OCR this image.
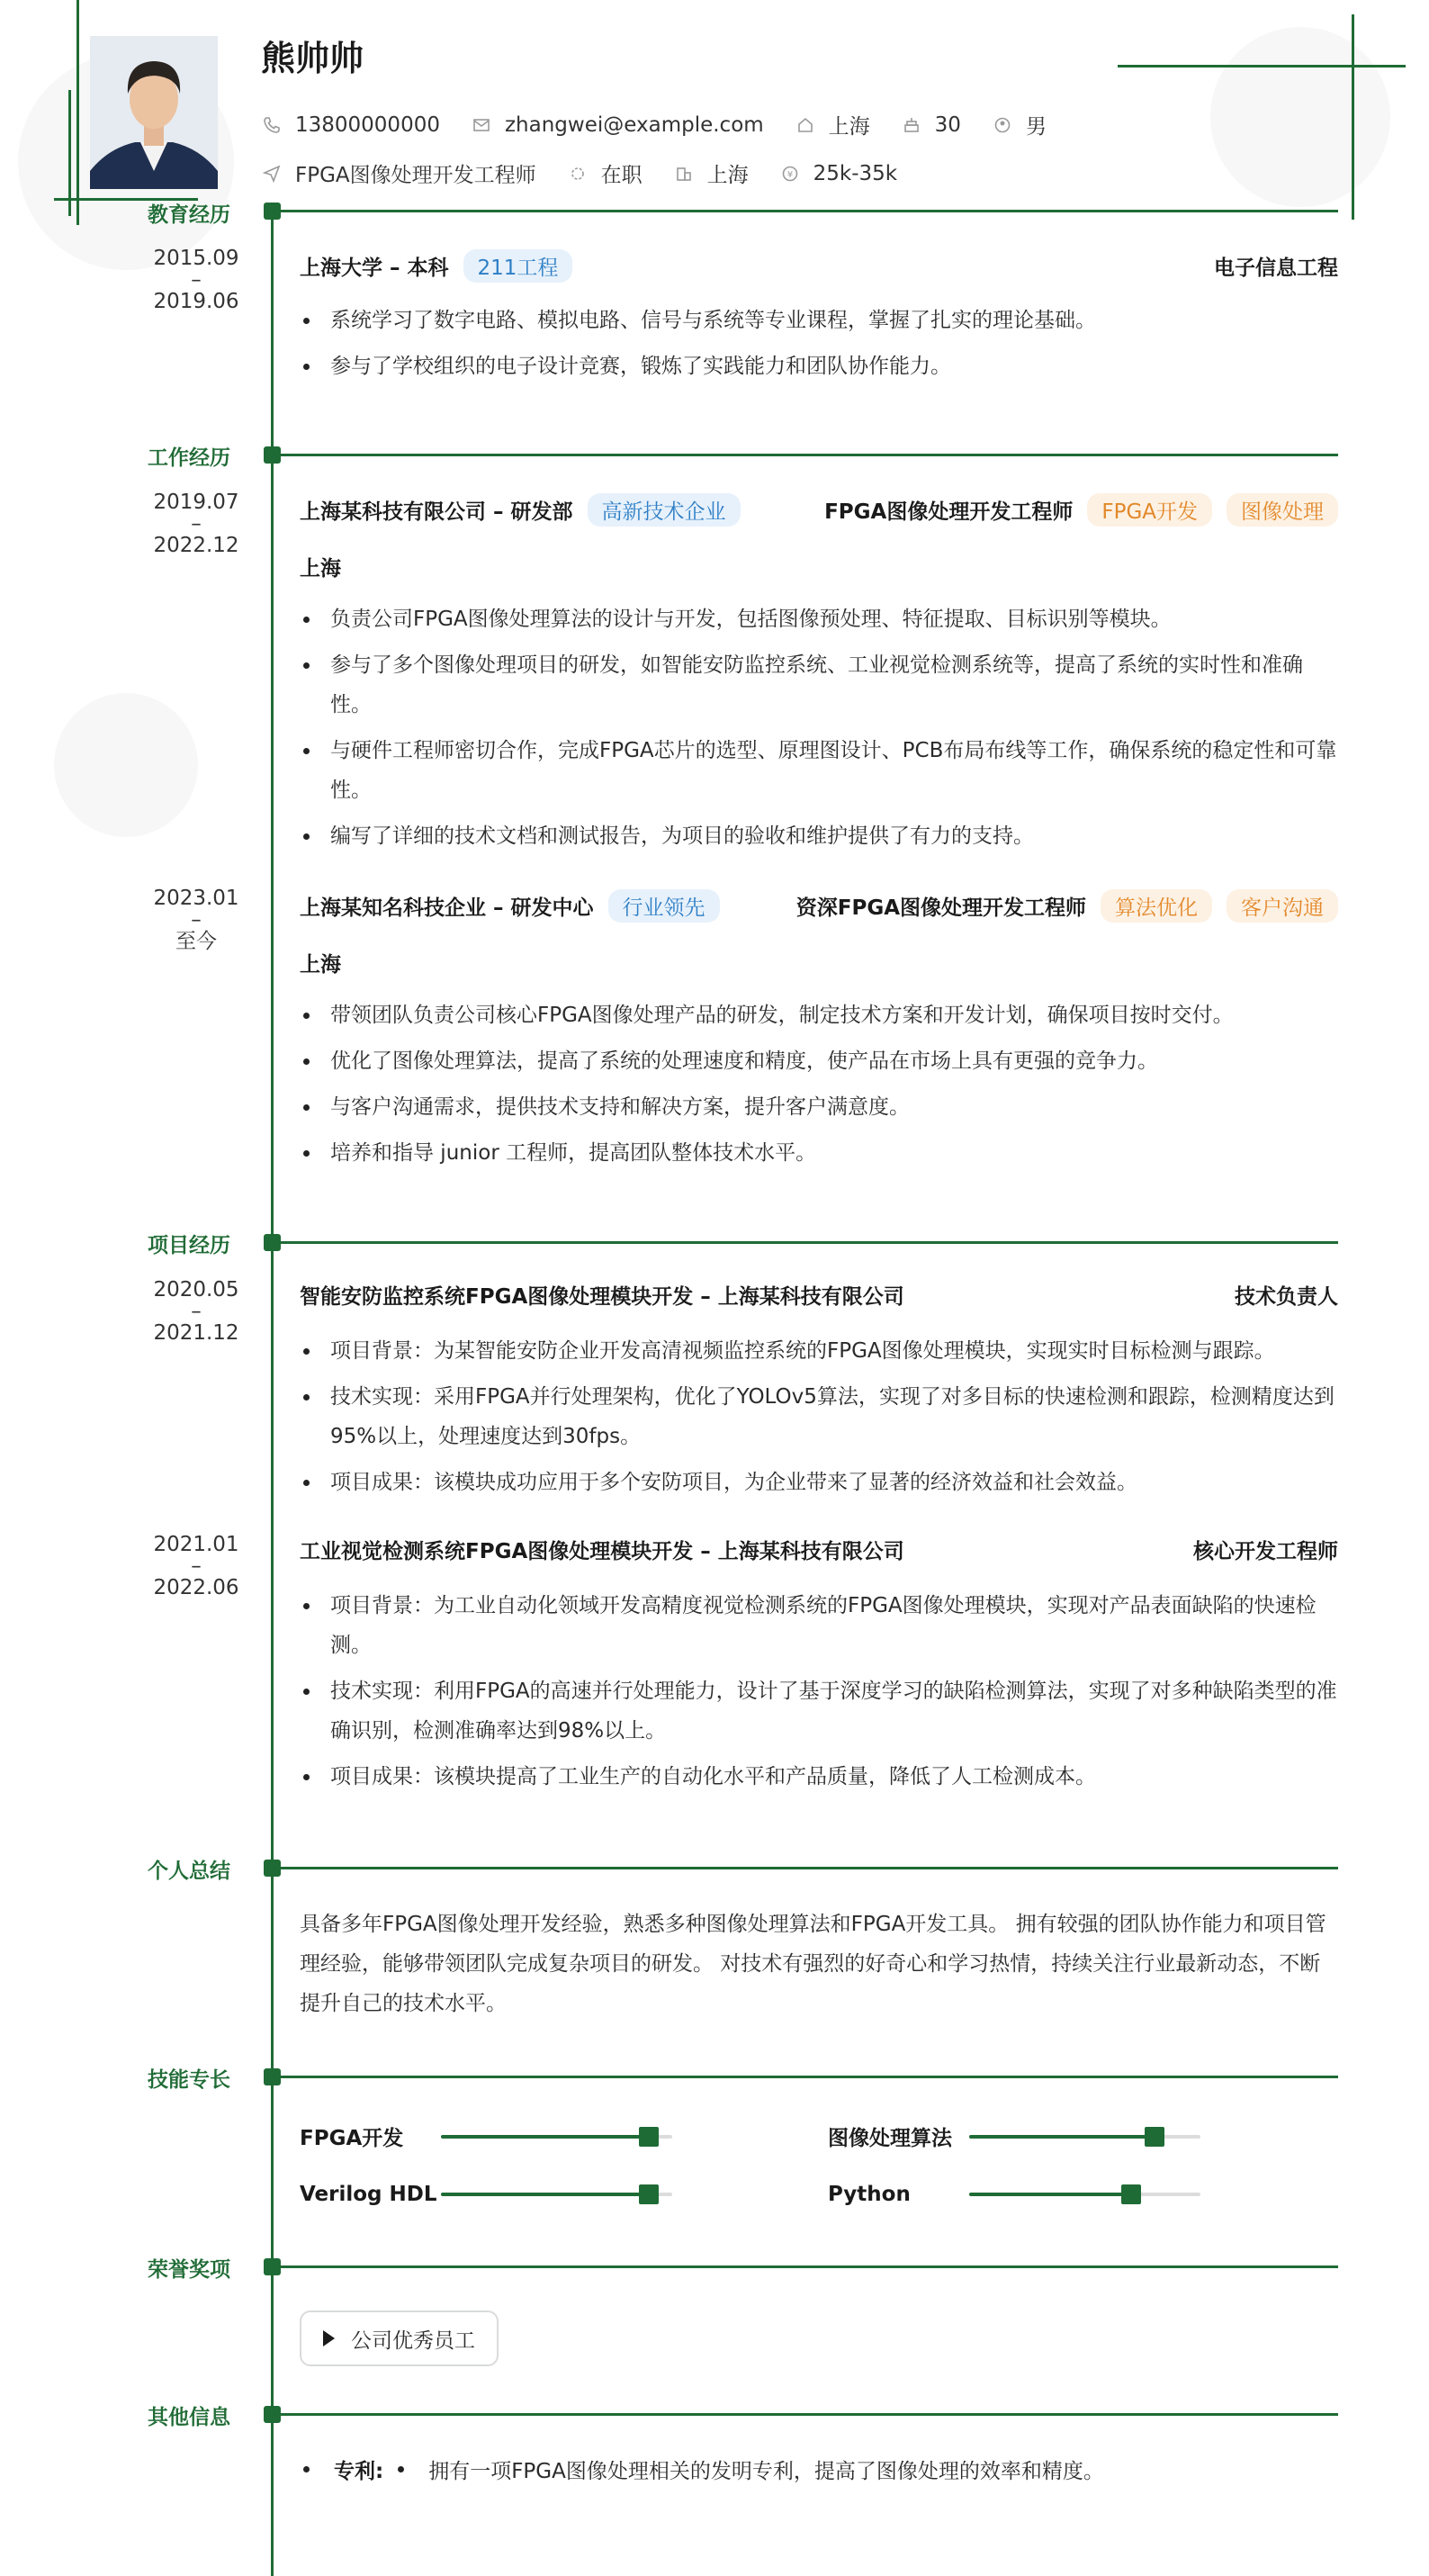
熊帅帅
13800000000	zhangwei@example.com	上海	30	男
FPGA图像处理开发工程师	在职	上海	¥ 25k-35k
教育经历
2015.09
–
2019.06
上海大学 – 本科	211工程	电子信息工程
系统学习了数字电路、模拟电路、信号与系统等专业课程，掌握了扎实的理论基础。
参与了学校组织的电子设计竞赛，锻炼了实践能力和团队协作能力。
工作经历
2019.07
–
2022.12
上海某科技有限公司 – 研发部	高新技术企业	FPGA图像处理开发工程师	FPGA开发	图像处理
上海
负责公司FPGA图像处理算法的设计与开发，包括图像预处理、特征提取、目标识别等模块。
参与了多个图像处理项目的研发，如智能安防监控系统、工业视觉检测系统等，提高了系统的实时性和准确性。
与硬件工程师密切合作，完成FPGA芯片的选型、原理图设计、PCB布局布线等工作，确保系统的稳定性和可靠性。
编写了详细的技术文档和测试报告，为项目的验收和维护提供了有力的支持。
2023.01
–
至今
上海某知名科技企业 – 研发中心	行业领先	资深FPGA图像处理开发工程师	算法优化	客户沟通
上海
带领团队负责公司核心FPGA图像处理产品的研发，制定技术方案和开发计划，确保项目按时交付。
优化了图像处理算法，提高了系统的处理速度和精度，使产品在市场上具有更强的竞争力。
与客户沟通需求，提供技术支持和解决方案，提升客户满意度。
培养和指导 junior 工程师，提高团队整体技术水平。
项目经历
2020.05
–
2021.12
智能安防监控系统FPGA图像处理模块开发 – 上海某科技有限公司	技术负责人
项目背景：为某智能安防企业开发高清视频监控系统的FPGA图像处理模块，实现实时目标检测与跟踪。
技术实现：采用FPGA并行处理架构，优化了YOLOv5算法，实现了对多目标的快速检测和跟踪，检测精度达到95%以上，处理速度达到30fps。
项目成果：该模块成功应用于多个安防项目，为企业带来了显著的经济效益和社会效益。
2021.01
–
2022.06
工业视觉检测系统FPGA图像处理模块开发 – 上海某科技有限公司	核心开发工程师
项目背景：为工业自动化领域开发高精度视觉检测系统的FPGA图像处理模块，实现对产品表面缺陷的快速检测。
技术实现：利用FPGA的高速并行处理能力，设计了基于深度学习的缺陷检测算法，实现了对多种缺陷类型的准确识别，检测准确率达到98%以上。
项目成果：该模块提高了工业生产的自动化水平和产品质量，降低了人工检测成本。
个人总结
具备多年FPGA图像处理开发经验，熟悉多种图像处理算法和FPGA开发工具。 拥有较强的团队协作能力和项目管理经验，能够带领团队完成复杂项目的研发。 对技术有强烈的好奇心和学习热情，持续关注行业最新动态，不断提升自己的技术水平。
技能专长
FPGA开发	图像处理算法
Verilog HDL	Python
荣誉奖项
公司优秀员工
其他信息
专利: 拥有一项FPGA图像处理相关的发明专利，提高了图像处理的效率和精度。
